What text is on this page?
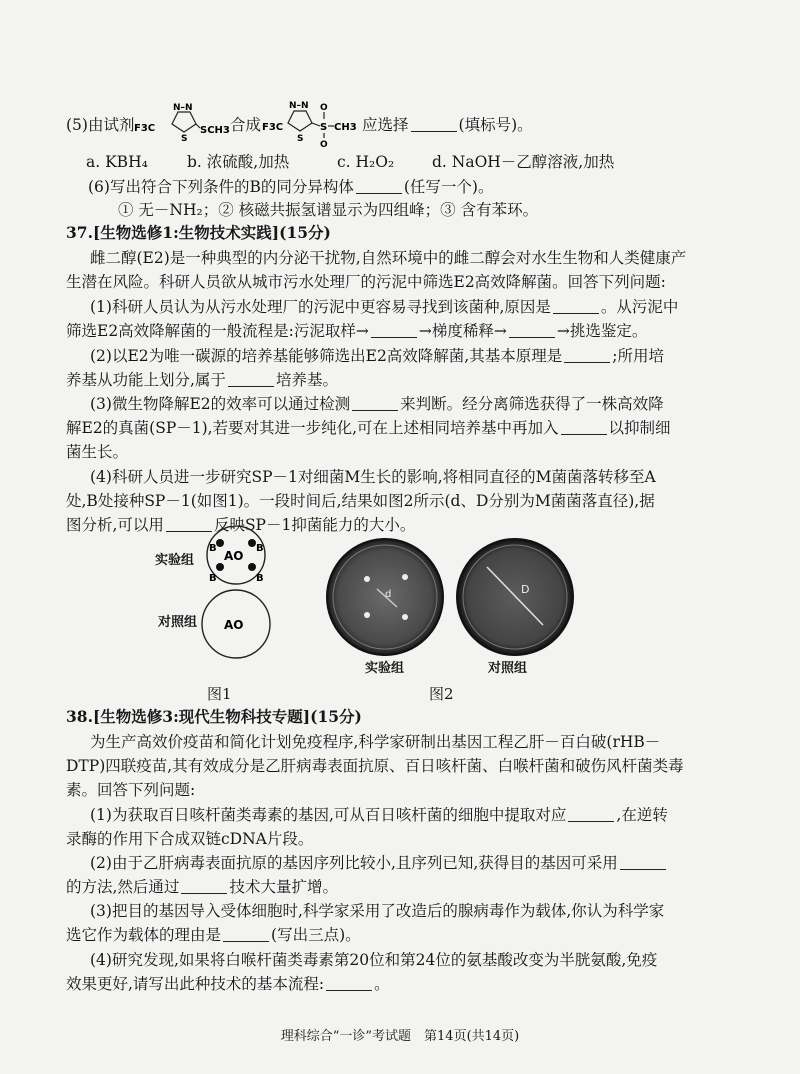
(5)由试剂 F3C
N–N
S
SCH3 合成 F3C
N–N
S
S
O
O
CH3 应选择	(填标号)。
a. KBH₄	b. 浓硫酸,加热	c. H₂O₂ d. NaOH－乙醇溶液,加热
(6)写出符合下列条件的B的同分异构体	(任写一个)。
① 无－NH₂；② 核磁共振氢谱显示为四组峰；③ 含有苯环。
37.[生物选修1:生物技术实践](15分)
雌二醇(E2)是一种典型的内分泌干扰物,自然环境中的雌二醇会对水生生物和人类健康产
生潜在风险。科研人员欲从城市污水处理厂的污泥中筛选E2高效降解菌。回答下列问题:
(1)科研人员认为从污水处理厂的污泥中更容易寻找到该菌种,原因是	。从污泥中
筛选E2高效降解菌的一般流程是:污泥取样→	→梯度稀释→	→挑选鉴定。
(2)以E2为唯一碳源的培养基能够筛选出E2高效降解菌,其基本原理是	;所用培
养基从功能上划分,属于	培养基。
(3)微生物降解E2的效率可以通过检测	来判断。经分离筛选获得了一株高效降
解E2的真菌(SP－1),若要对其进一步纯化,可在上述相同培养基中再加入	以抑制细
菌生长。
(4)科研人员进一步研究SP－1对细菌M生长的影响,将相同直径的M菌菌落转移至A
处,B处接种SP－1(如图1)。一段时间后,结果如图2所示(d、D分别为M菌菌落直径),据
图分析,可以用	反映SP－1抑菌能力的大小。
实验组
对照组
AO
B	B
B	B
AO
图1
d	D
实验组	对照组
图2
38.[生物选修3:现代生物科技专题](15分)
为生产高效价疫苗和简化计划免疫程序,科学家研制出基因工程乙肝－百白破(rHB－
DTP)四联疫苗,其有效成分是乙肝病毒表面抗原、百日咳杆菌、白喉杆菌和破伤风杆菌类毒
素。回答下列问题:
(1)为获取百日咳杆菌类毒素的基因,可从百日咳杆菌的细胞中提取对应	,在逆转
录酶的作用下合成双链cDNA片段。
(2)由于乙肝病毒表面抗原的基因序列比较小,且序列已知,获得目的基因可采用
的方法,然后通过	技术大量扩增。
(3)把目的基因导入受体细胞时,科学家采用了改造后的腺病毒作为载体,你认为科学家
选它作为载体的理由是	(写出三点)。
(4)研究发现,如果将白喉杆菌类毒素第20位和第24位的氨基酸改变为半胱氨酸,免疫
效果更好,请写出此种技术的基本流程:	。
理科综合“一诊”考试题　第14页(共14页)
